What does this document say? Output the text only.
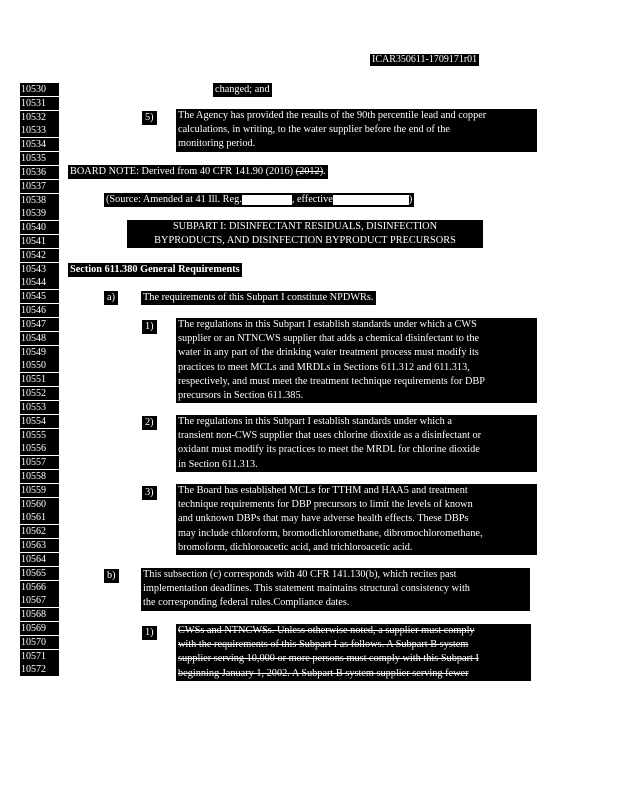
ICAR350611-1709171r01
10530
10531
10532
10533
10534
10535
10536
10537
10538
10539
10540
10541
10542
10543
10544
10545
10546
10547
10548
10549
10550
10551
10552
10553
10554
10555
10556
10557
10558
10559
10560
10561
10562
10563
10564
10565
10566
10567
10568
10569
10570
10571
10572
changed; and
5) The Agency has provided the results of the 90th percentile lead and copper
calculations, in writing, to the water supplier before the end of the
monitoring period.
BOARD NOTE: Derived from 40 CFR 141.90 (2016) (2012).
(Source: Amended at 41 Ill. Reg.	, effective	)
SUBPART I: DISINFECTANT RESIDUALS, DISINFECTION
BYPRODUCTS, AND DISINFECTION BYPRODUCT PRECURSORS
Section 611.380 General Requirements
a)	The requirements of this Subpart I constitute NPDWRs.
1) The regulations in this Subpart I establish standards under which a CWS
supplier or an NTNCWS supplier that adds a chemical disinfectant to the
water in any part of the drinking water treatment process must modify its
practices to meet MCLs and MRDLs in Sections 611.312 and 611.313,
respectively, and must meet the treatment technique requirements for DBP
precursors in Section 611.385.
2) The regulations in this Subpart I establish standards under which a
transient non-CWS supplier that uses chlorine dioxide as a disinfectant or
oxidant must modify its practices to meet the MRDL for chlorine dioxide
in Section 611.313.
3) The Board has established MCLs for TTHM and HAA5 and treatment
technique requirements for DBP precursors to limit the levels of known
and unknown DBPs that may have adverse health effects. These DBPs
may include chloroform, bromodichloromethane, dibromochloromethane,
bromoform, dichloroacetic acid, and trichloroacetic acid.
b)	This subsection (c) corresponds with 40 CFR 141.130(b), which recites past
implementation deadlines. This statement maintains structural consistency with
the corresponding federal rules.Compliance dates.
1) CWSs and NTNCWSs. Unless otherwise noted, a supplier must comply
with the requirements of this Subpart I as follows. A Subpart B system
supplier serving 10,000 or more persons must comply with this Subpart I
beginning January 1, 2002. A Subpart B system supplier serving fewer
